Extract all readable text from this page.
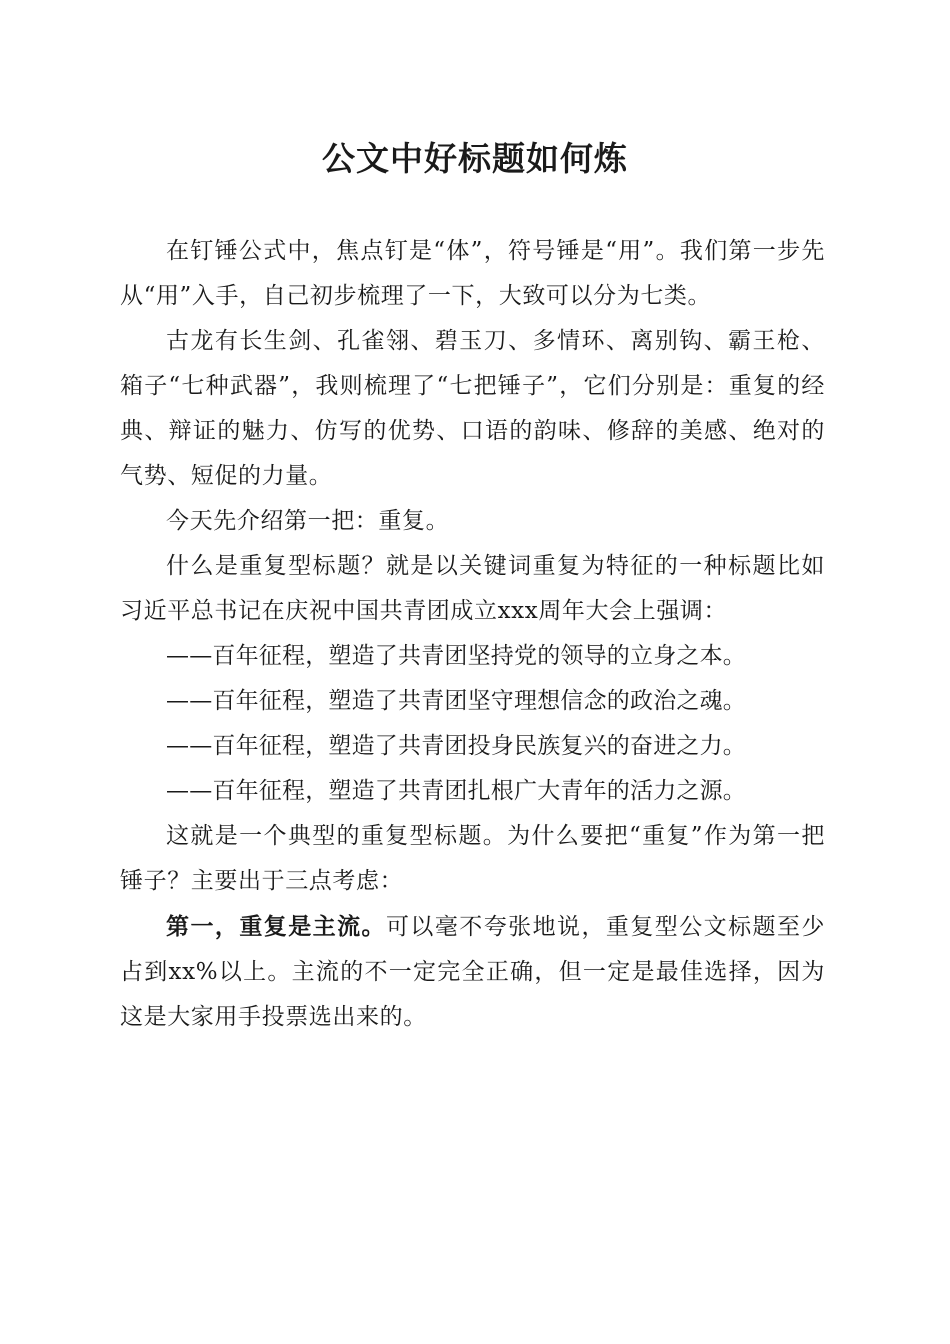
公文中好标题如何炼

在钉锤公式中，焦点钉是“体”，符号锤是“用”。我们第一步先从“用”入手，自己初步梳理了一下，大致可以分为七类。

古龙有长生剑、孔雀翎、碧玉刀、多情环、离别钩、霸王枪、箱子“七种武器”，我则梳理了“七把锤子”，它们分别是：重复的经典、辩证的魅力、仿写的优势、口语的韵味、修辞的美感、绝对的气势、短促的力量。

今天先介绍第一把：重复。

什么是重复型标题？就是以关键词重复为特征的一种标题比如习近平总书记在庆祝中国共青团成立xxx周年大会上强调：

——百年征程，塑造了共青团坚持党的领导的立身之本。

——百年征程，塑造了共青团坚守理想信念的政治之魂。

——百年征程，塑造了共青团投身民族复兴的奋进之力。

——百年征程，塑造了共青团扎根广大青年的活力之源。

这就是一个典型的重复型标题。为什么要把“重复”作为第一把锤子？主要出于三点考虑：

第一，重复是主流。可以毫不夸张地说，重复型公文标题至少占到xx%以上。主流的不一定完全正确，但一定是最佳选择，因为这是大家用手投票选出来的。
